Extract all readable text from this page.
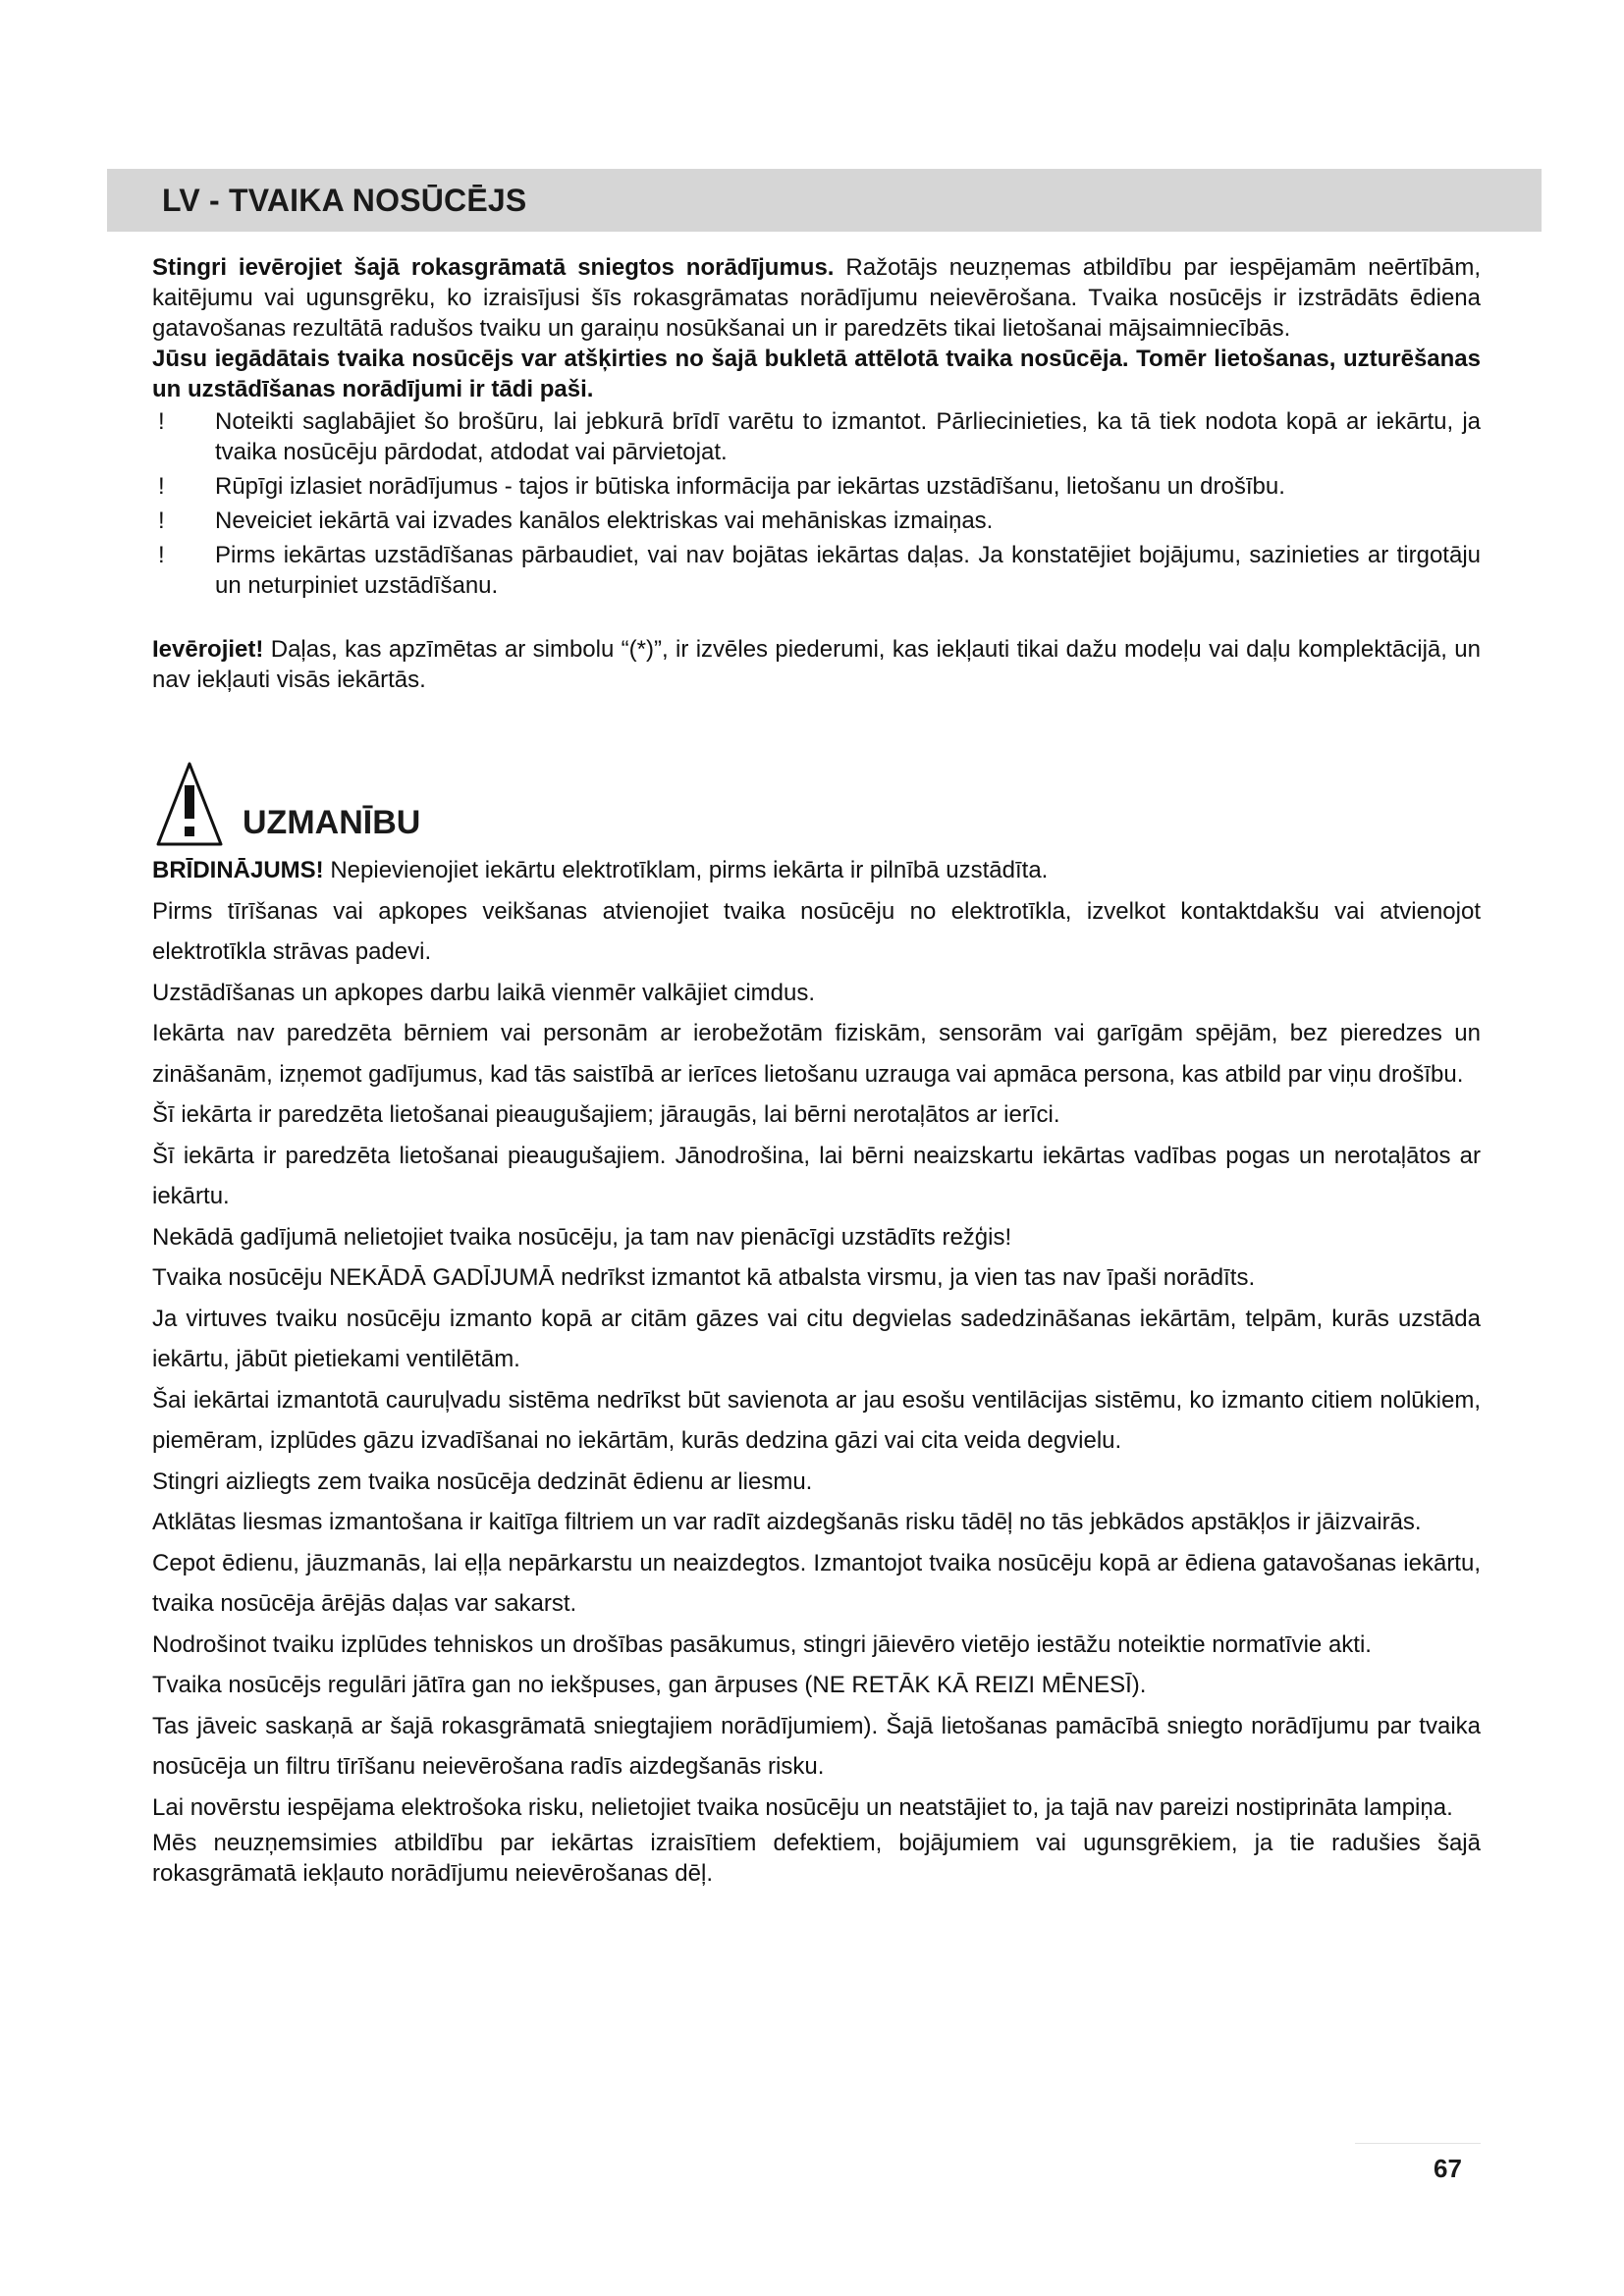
LV - TVAIKA NOSŪCĒJS

Stingri ievērojiet šajā rokasgrāmatā sniegtos norādījumus. Ražotājs neuzņemas atbildību par iespējamām neērtībām, kaitējumu vai ugunsgrēku, ko izraisījusi šīs rokasgrāmatas norādījumu neievērošana. Tvaika nosūcējs ir izstrādāts ēdiena gatavošanas rezultātā radušos tvaiku un garaiņu nosūkšanai un ir paredzēts tikai lietošanai mājsaimniecībās.

Jūsu iegādātais tvaika nosūcējs var atšķirties no šajā bukletā attēlotā tvaika nosūcēja. Tomēr lietošanas, uzturēšanas un uzstādīšanas norādījumi ir tādi paši.

! Noteikti saglabājiet šo brošūru, lai jebkurā brīdī varētu to izmantot. Pārliecinieties, ka tā tiek nodota kopā ar iekārtu, ja tvaika nosūcēju pārdodat, atdodat vai pārvietojat.
! Rūpīgi izlasiet norādījumus - tajos ir būtiska informācija par iekārtas uzstādīšanu, lietošanu un drošību.
! Neveiciet iekārtā vai izvades kanālos elektriskas vai mehāniskas izmaiņas.
! Pirms iekārtas uzstādīšanas pārbaudiet, vai nav bojātas iekārtas daļas. Ja konstatējiet bojājumu, sazinieties ar tirgotāju un neturpiniet uzstādīšanu.

Ievērojiet! Daļas, kas apzīmētas ar simbolu “(*)”, ir izvēles piederumi, kas iekļauti tikai dažu modeļu vai daļu komplektācijā, un nav iekļauti visās iekārtās.

UZMANĪBU

BRĪDINĀJUMS! Nepievienojiet iekārtu elektrotīklam, pirms iekārta ir pilnībā uzstādīta.

Pirms tīrīšanas vai apkopes veikšanas atvienojiet tvaika nosūcēju no elektrotīkla, izvelkot kontaktdakšu vai atvienojot elektrotīkla strāvas padevi.

Uzstādīšanas un apkopes darbu laikā vienmēr valkājiet cimdus.

Iekārta nav paredzēta bērniem vai personām ar ierobežotām fiziskām, sensorām vai garīgām spējām, bez pieredzes un zināšanām, izņemot gadījumus, kad tās saistībā ar ierīces lietošanu uzrauga vai apmāca persona, kas atbild par viņu drošību.

Šī iekārta ir paredzēta lietošanai pieaugušajiem; jāraugās, lai bērni nerotaļātos ar ierīci.

Šī iekārta ir paredzēta lietošanai pieaugušajiem. Jānodrošina, lai bērni neaizskartu iekārtas vadības pogas un nerotaļātos ar iekārtu.

Nekādā gadījumā nelietojiet tvaika nosūcēju, ja tam nav pienācīgi uzstādīts režģis!

Tvaika nosūcēju NEKĀDĀ GADĪJUMĀ nedrīkst izmantot kā atbalsta virsmu, ja vien tas nav īpaši norādīts.

Ja virtuves tvaiku nosūcēju izmanto kopā ar citām gāzes vai citu degvielas sadedzināšanas iekārtām, telpām, kurās uzstāda iekārtu, jābūt pietiekami ventilētām.

Šai iekārtai izmantotā cauruļvadu sistēma nedrīkst būt savienota ar jau esošu ventilācijas sistēmu, ko izmanto citiem nolūkiem, piemēram, izplūdes gāzu izvadīšanai no iekārtām, kurās dedzina gāzi vai cita veida degvielu.

Stingri aizliegts zem tvaika nosūcēja dedzināt ēdienu ar liesmu.

Atklātas liesmas izmantošana ir kaitīga filtriem un var radīt aizdegšanās risku tādēļ no tās jebkādos apstākļos ir jāizvairās.

Cepot ēdienu, jāuzmanās, lai eļļa nepārkarstu un neaizdegtos. Izmantojot tvaika nosūcēju kopā ar ēdiena gatavošanas iekārtu, tvaika nosūcēja ārējās daļas var sakarst.

Nodrošinot tvaiku izplūdes tehniskos un drošības pasākumus, stingri jāievēro vietējo iestāžu noteiktie normatīvie akti.

Tvaika nosūcējs regulāri jātīra gan no iekšpuses, gan ārpuses (NE RETĀK KĀ REIZI MĒNESĪ).

Tas jāveic saskaņā ar šajā rokasgrāmatā sniegtajiem norādījumiem). Šajā lietošanas pamācībā sniegto norādījumu par tvaika nosūcēja un filtru tīrīšanu neievērošana radīs aizdegšanās risku.

Lai novērstu iespējama elektrošoka risku, nelietojiet tvaika nosūcēju un neatstājiet to, ja tajā nav pareizi nostiprināta lampiņa.

Mēs neuzņemsimies atbildību par iekārtas izraisītiem defektiem, bojājumiem vai ugunsgrēkiem, ja tie radušies šajā rokasgrāmatā iekļauto norādījumu neievērošanas dēļ.

67
